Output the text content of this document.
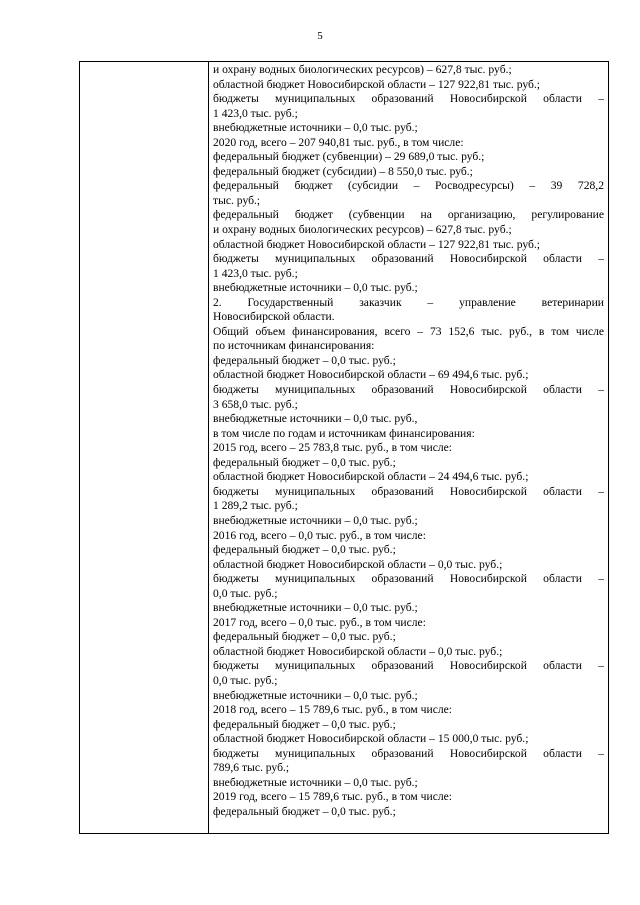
5
и охрану водных биологических ресурсов) – 627,8 тыс. руб.;
областной бюджет Новосибирской области – 127 922,81 тыс. руб.;
бюджеты муниципальных образований Новосибирской области –
1 423,0 тыс. руб.;
внебюджетные источники – 0,0 тыс. руб.;
2020 год, всего – 207 940,81 тыс. руб., в том числе:
федеральный бюджет (субвенции) – 29 689,0 тыс. руб.;
федеральный бюджет (субсидии) – 8 550,0 тыс. руб.;
федеральный бюджет (субсидии – Росводресурсы) – 39 728,2
тыс. руб.;
федеральный бюджет (субвенции на организацию, регулирование
и охрану водных биологических ресурсов) – 627,8 тыс. руб.;
областной бюджет Новосибирской области – 127 922,81 тыс. руб.;
бюджеты муниципальных образований Новосибирской области –
1 423,0 тыс. руб.;
внебюджетные источники – 0,0 тыс. руб.;
2. Государственный заказчик – управление ветеринарии
Новосибирской области.
Общий объем финансирования, всего – 73 152,6 тыс. руб., в том числе
по источникам финансирования:
федеральный бюджет – 0,0 тыс. руб.;
областной бюджет Новосибирской области – 69 494,6 тыс. руб.;
бюджеты муниципальных образований Новосибирской области –
3 658,0 тыс. руб.;
внебюджетные источники – 0,0 тыс. руб.,
в том числе по годам и источникам финансирования:
2015 год, всего – 25 783,8 тыс. руб., в том числе:
федеральный бюджет – 0,0 тыс. руб.;
областной бюджет Новосибирской области – 24 494,6 тыс. руб.;
бюджеты муниципальных образований Новосибирской области –
1 289,2 тыс. руб.;
внебюджетные источники – 0,0 тыс. руб.;
2016 год, всего – 0,0 тыс. руб., в том числе:
федеральный бюджет – 0,0 тыс. руб.;
областной бюджет Новосибирской области – 0,0 тыс. руб.;
бюджеты муниципальных образований Новосибирской области –
0,0 тыс. руб.;
внебюджетные источники – 0,0 тыс. руб.;
2017 год, всего – 0,0 тыс. руб., в том числе:
федеральный бюджет – 0,0 тыс. руб.;
областной бюджет Новосибирской области – 0,0 тыс. руб.;
бюджеты муниципальных образований Новосибирской области –
0,0 тыс. руб.;
внебюджетные источники – 0,0 тыс. руб.;
2018 год, всего – 15 789,6 тыс. руб., в том числе:
федеральный бюджет – 0,0 тыс. руб.;
областной бюджет Новосибирской области – 15 000,0 тыс. руб.;
бюджеты муниципальных образований Новосибирской области –
789,6 тыс. руб.;
внебюджетные источники – 0,0 тыс. руб.;
2019 год, всего – 15 789,6 тыс. руб., в том числе:
федеральный бюджет – 0,0 тыс. руб.;
